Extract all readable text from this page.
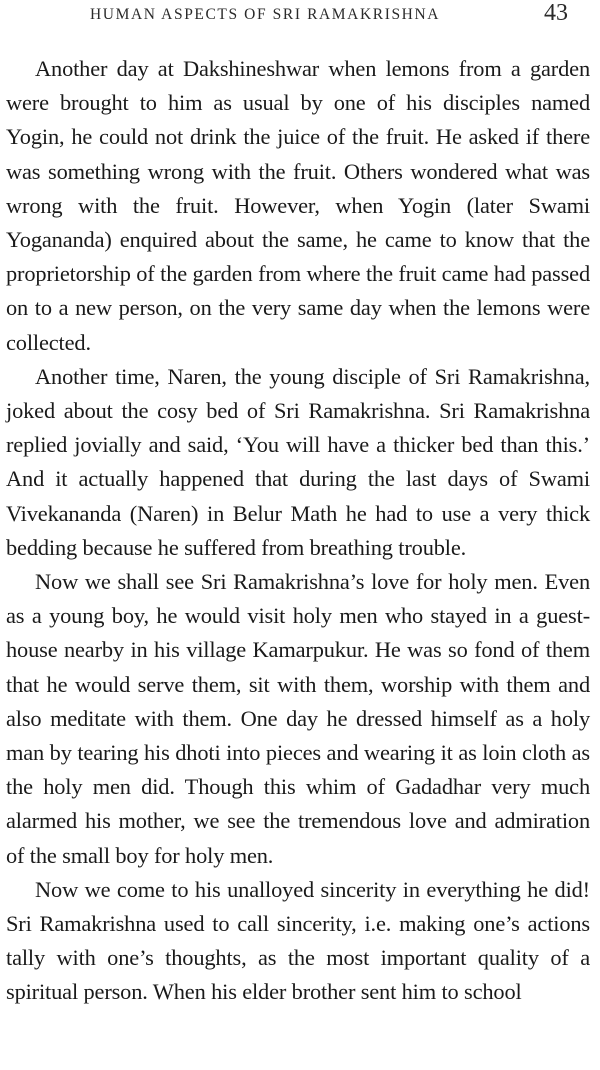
HUMAN ASPECTS OF SRI RAMAKRISHNA	43

Another day at Dakshineshwar when lemons from a garden were brought to him as usual by one of his disciples named Yogin, he could not drink the juice of the fruit. He asked if there was something wrong with the fruit. Others wondered what was wrong with the fruit. However, when Yogin (later Swami Yogananda) enquired about the same, he came to know that the proprietorship of the garden from where the fruit came had passed on to a new person, on the very same day when the lemons were collected.

Another time, Naren, the young disciple of Sri Ramakrishna, joked about the cosy bed of Sri Ramakrishna. Sri Ramakrishna replied jovially and said, ‘You will have a thicker bed than this.’ And it actually happened that during the last days of Swami Vivekananda (Naren) in Belur Math he had to use a very thick bedding because he suffered from breathing trouble.

Now we shall see Sri Ramakrishna’s love for holy men. Even as a young boy, he would visit holy men who stayed in a guest-house nearby in his village Kamarpukur. He was so fond of them that he would serve them, sit with them, worship with them and also meditate with them. One day he dressed himself as a holy man by tearing his dhoti into pieces and wearing it as loin cloth as the holy men did. Though this whim of Gadadhar very much alarmed his mother, we see the tremendous love and admiration of the small boy for holy men.

Now we come to his unalloyed sincerity in everything he did! Sri Ramakrishna used to call sincerity, i.e. making one’s actions tally with one’s thoughts, as the most important quality of a spiritual person. When his elder brother sent him to school
